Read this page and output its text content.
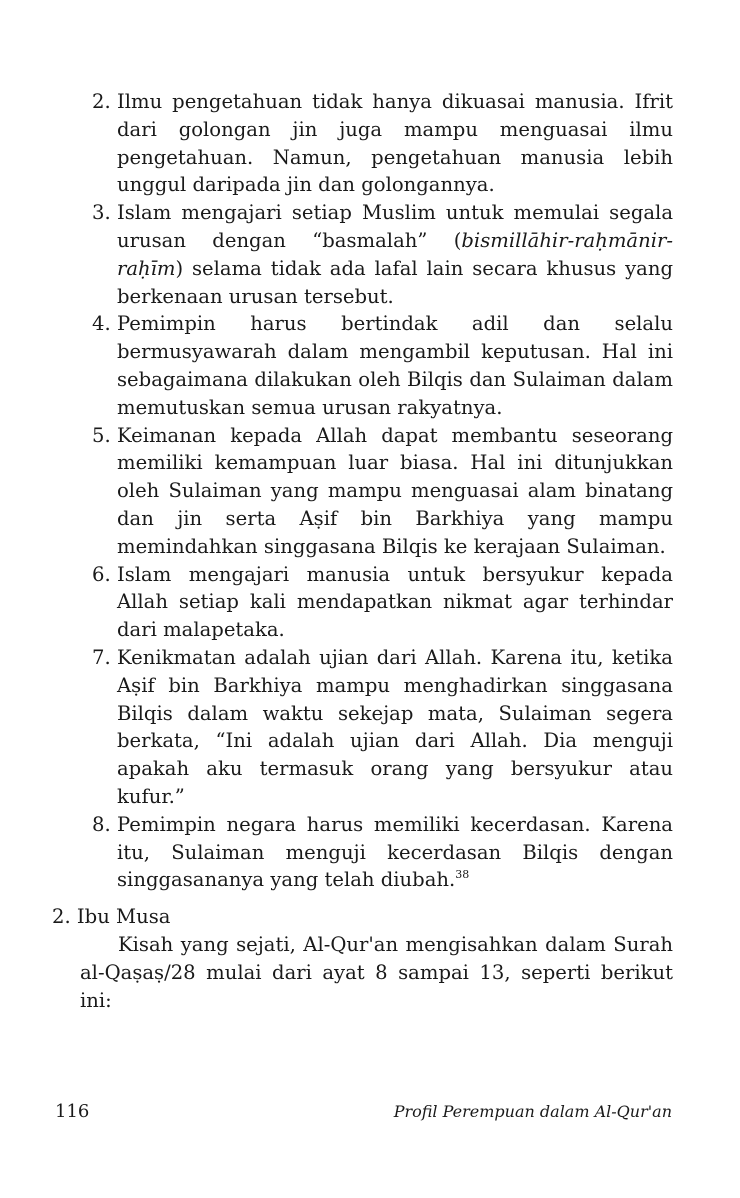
2. Ilmu pengetahuan tidak hanya dikuasai manusia. Ifrit dari golongan jin juga mampu menguasai ilmu pengetahuan. Namun, pengetahuan manusia lebih unggul daripada jin dan golongannya.
3. Islam mengajari setiap Muslim untuk memulai segala urusan dengan “basmalah” (bismillāhir-raḥmānir-raḥīm) selama tidak ada lafal lain secara khusus yang berkenaan urusan tersebut.
4. Pemimpin harus bertindak adil dan selalu bermusyawarah dalam mengambil keputusan. Hal ini sebagaimana dilakukan oleh Bilqis dan Sulaiman dalam memutuskan semua urusan rakyatnya.
5. Keimanan kepada Allah dapat membantu seseorang memiliki kemampuan luar biasa. Hal ini ditunjukkan oleh Sulaiman yang mampu menguasai alam binatang dan jin serta Aṣif bin Barkhiya yang mampu memindahkan singgasana Bilqis ke kerajaan Sulaiman.
6. Islam mengajari manusia untuk bersyukur kepada Allah setiap kali mendapatkan nikmat agar terhindar dari malapetaka.
7. Kenikmatan adalah ujian dari Allah. Karena itu, ketika Aṣif bin Barkhiya mampu menghadirkan singgasana Bilqis dalam waktu sekejap mata, Sulaiman segera berkata, “Ini adalah ujian dari Allah. Dia menguji apakah aku termasuk orang yang bersyukur atau kufur.”
8. Pemimpin negara harus memiliki kecerdasan. Karena itu, Sulaiman menguji kecerdasan Bilqis dengan singgasananya yang telah diubah.$^{38}$
2. Ibu Musa

Kisah yang sejati, Al-Qur'an mengisahkan dalam Surah al-Qaṣaṣ/28 mulai dari ayat 8 sampai 13, seperti berikut ini:

116	Profil Perempuan dalam Al-Qur'an
